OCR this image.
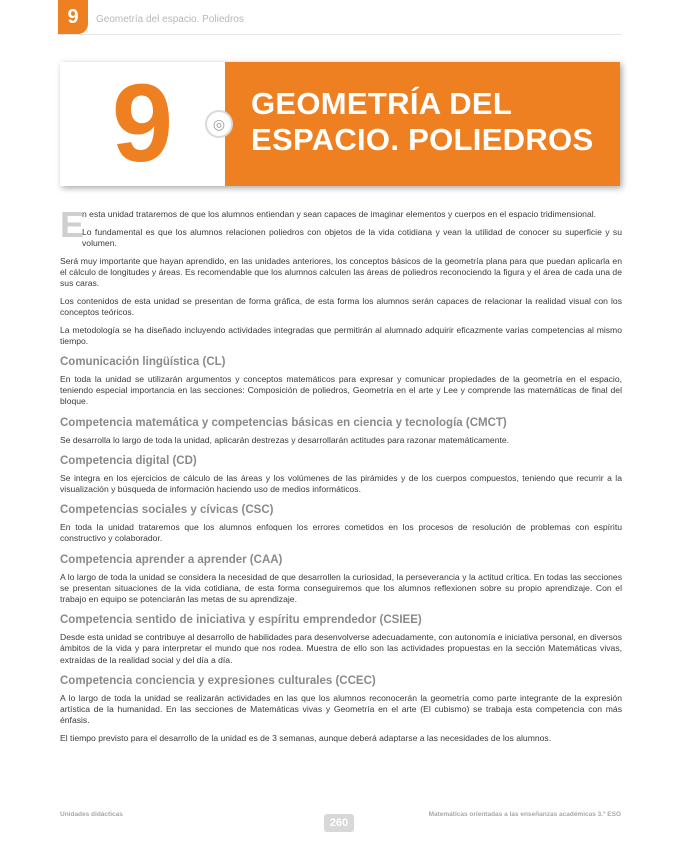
9	Geometría del espacio. Poliedros
9	GEOMETRÍA DEL
ESPACIO. POLIEDROS
◎
E

n esta unidad trataremos de que los alumnos entiendan y sean capaces de imaginar elementos y cuerpos en el espacio tridimensional.

Lo fundamental es que los alumnos relacionen poliedros con objetos de la vida cotidiana y vean la utilidad de conocer su superficie y su volumen.

Será muy importante que hayan aprendido, en las unidades anteriores, los conceptos básicos de la geometría plana para que puedan aplicarla en el cálculo de longitudes y áreas. Es recomendable que los alumnos calculen las áreas de poliedros reconociendo la figura y el área de cada una de sus caras.

Los contenidos de esta unidad se presentan de forma gráfica, de esta forma los alumnos serán capaces de relacionar la realidad visual con los conceptos teóricos.

La metodología se ha diseñado incluyendo actividades integradas que permitirán al alumnado adquirir eficazmente varias competencias al mismo tiempo.

Comunicación lingüística (CL)

En toda la unidad se utilizarán argumentos y conceptos matemáticos para expresar y comunicar propiedades de la geometría en el espacio, teniendo especial importancia en las secciones: Composición de poliedros, Geometría en el arte y Lee y comprende las matemáticas de final del bloque.

Competencia matemática y competencias básicas en ciencia y tecnología (CMCT)

Se desarrolla lo largo de toda la unidad, aplicarán destrezas y desarrollarán actitudes para razonar matemáticamente.

Competencia digital (CD)

Se integra en los ejercicios de cálculo de las áreas y los volúmenes de las pirámides y de los cuerpos compuestos, teniendo que recurrir a la visualización y búsqueda de información haciendo uso de medios informáticos.

Competencias sociales y cívicas (CSC)

En toda la unidad trataremos que los alumnos enfoquen los errores cometidos en los procesos de resolución de problemas con espíritu constructivo y colaborador.

Competencia aprender a aprender (CAA)

A lo largo de toda la unidad se considera la necesidad de que desarrollen la curiosidad, la perseverancia y la actitud crítica. En todas las secciones se presentan situaciones de la vida cotidiana, de esta forma conseguiremos que los alumnos reflexionen sobre su propio aprendizaje. Con el trabajo en equipo se potenciarán las metas de su aprendizaje.

Competencia sentido de iniciativa y espíritu emprendedor (CSIEE)

Desde esta unidad se contribuye al desarrollo de habilidades para desenvolverse adecuadamente, con autonomía e iniciativa personal, en diversos ámbitos de la vida y para interpretar el mundo que nos rodea. Muestra de ello son las actividades propuestas en la sección Matemáticas vivas, extraídas de la realidad social y del día a día.

Competencia conciencia y expresiones culturales (CCEC)

A lo largo de toda la unidad se realizarán actividades en las que los alumnos reconocerán la geometría como parte integrante de la expresión artística de la humanidad. En las secciones de Matemáticas vivas y Geometría en el arte (El cubismo) se trabaja esta competencia con más énfasis.

El tiempo previsto para el desarrollo de la unidad es de 3 semanas, aunque deberá adaptarse a las necesidades de los alumnos.

Unidades didácticas
260
Matemáticas orientadas a las enseñanzas académicas 3.º ESO
